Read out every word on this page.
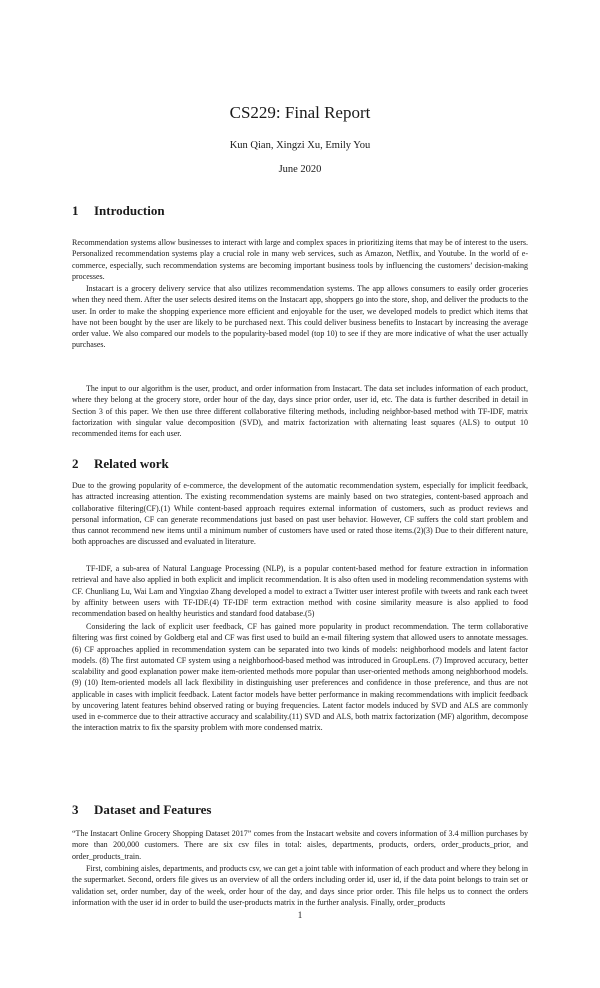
CS229: Final Report
Kun Qian, Xingzi Xu, Emily You
June 2020
1 Introduction

Recommendation systems allow businesses to interact with large and complex spaces in prioritizing items that may be of interest to the users. Personalized recommendation systems play a crucial role in many web services, such as Amazon, Netflix, and Youtube. In the world of e-commerce, especially, such recommendation systems are becoming important business tools by influencing the customers’ decision-making processes.

Instacart is a grocery delivery service that also utilizes recommendation systems. The app allows consumers to easily order groceries when they need them. After the user selects desired items on the Instacart app, shoppers go into the store, shop, and deliver the products to the user. In order to make the shopping experience more efficient and enjoyable for the user, we developed models to predict which items that have not been bought by the user are likely to be purchased next. This could deliver business benefits to Instacart by increasing the average order value. We also compared our models to the popularity-based model (top 10) to see if they are more indicative of what the user actually purchases.

The input to our algorithm is the user, product, and order information from Instacart. The data set includes information of each product, where they belong at the grocery store, order hour of the day, days since prior order, user id, etc. The data is further described in detail in Section 3 of this paper. We then use three different collaborative filtering methods, including neighbor-based method with TF-IDF, matrix factorization with singular value decomposition (SVD), and matrix factorization with alternating least squares (ALS) to output 10 recommended items for each user.

2 Related work

Due to the growing popularity of e-commerce, the development of the automatic recommendation system, especially for implicit feedback, has attracted increasing attention. The existing recommendation systems are mainly based on two strategies, content-based approach and collaborative filtering(CF).(1) While content-based approach requires external information of customers, such as product reviews and personal information, CF can generate recommendations just based on past user behavior. However, CF suffers the cold start problem and thus cannot recommend new items until a minimum number of customers have used or rated those items.(2)(3) Due to their different nature, both approaches are discussed and evaluated in literature.

TF-IDF, a sub-area of Natural Language Processing (NLP), is a popular content-based method for feature extraction in information retrieval and have also applied in both explicit and implicit recommendation. It is also often used in modeling recommendation systems with CF. Chunliang Lu, Wai Lam and Yingxiao Zhang developed a model to extract a Twitter user interest profile with tweets and rank each tweet by affinity between users with TF-IDF.(4) TF-IDF term extraction method with cosine similarity measure is also applied to food recommendation based on healthy heuristics and standard food database.(5)

Considering the lack of explicit user feedback, CF has gained more popularity in product recommendation. The term collaborative filtering was first coined by Goldberg etal and CF was first used to build an e-mail filtering system that allowed users to annotate messages.(6) CF approaches applied in recommendation system can be separated into two kinds of models: neighborhood models and latent factor models. (8) The first automated CF system using a neighborhood-based method was introduced in GroupLens. (7) Improved accuracy, better scalability and good explanation power make item-oriented methods more popular than user-oriented methods among neighborhood models. (9) (10) Item-oriented models all lack flexibility in distinguishing user preferences and confidence in those preference, and thus are not applicable in cases with implicit feedback. Latent factor models have better performance in making recommendations with implicit feedback by uncovering latent features behind observed rating or buying frequencies. Latent factor models induced by SVD and ALS are commonly used in e-commerce due to their attractive accuracy and scalability.(11) SVD and ALS, both matrix factorization (MF) algorithm, decompose the interaction matrix to fix the sparsity problem with more condensed matrix.

3 Dataset and Features

“The Instacart Online Grocery Shopping Dataset 2017” comes from the Instacart website and covers information of 3.4 million purchases by more than 200,000 customers. There are six csv files in total: aisles, departments, products, orders, order_products_prior, and order_products_train.

First, combining aisles, departments, and products csv, we can get a joint table with information of each product and where they belong in the supermarket. Second, orders file gives us an overview of all the orders including order id, user id, if the data point belongs to train set or validation set, order number, day of the week, order hour of the day, and days since prior order. This file helps us to connect the orders information with the user id in order to build the user-products matrix in the further analysis. Finally, order_products

1
